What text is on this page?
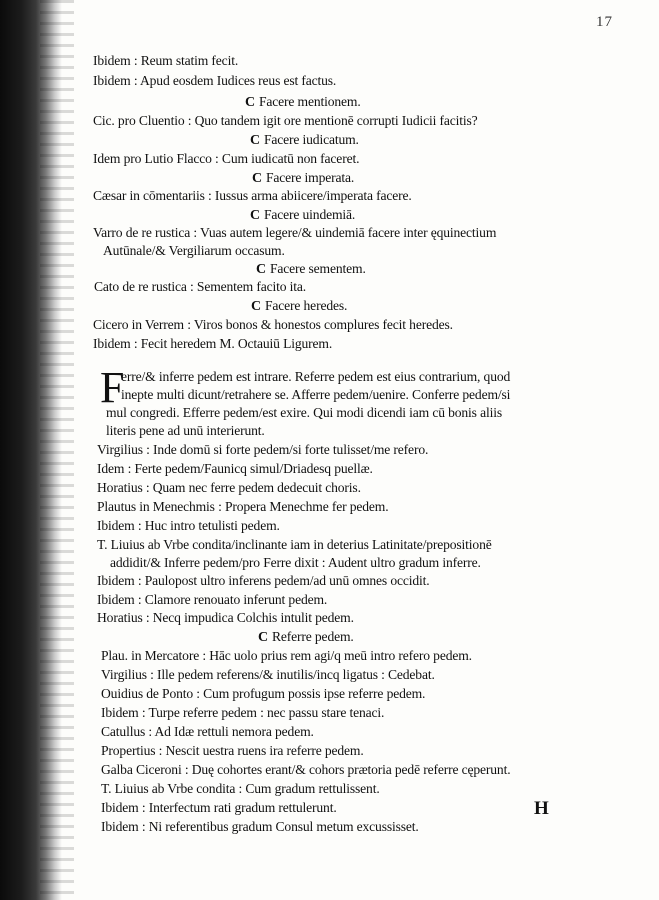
17
Ibidem : Reum statim fecit.
Ibidem : Apud eosdem Iudices reus est factus.
C Facere mentionem.
Cic. pro Cluentio : Quo tandem igit ore mentionē corrupti Iudicii facitis?
C Facere iudicatum.
Idem pro Lutio Flacco : Cum iudicatū non faceret.
C Facere imperata.
Cæsar in cōmentariis : Iussus arma abiicere/imperata facere.
C Facere uindemiā.
Varro de re rustica : Vuas autem legere/& uindemiā facere inter ęquinectium
Autūnale/& Vergiliarum occasum.
C Facere sementem.
Cato de re rustica : Sementem facito ita.
C Facere heredes.
Cicero in Verrem : Viros bonos & honestos complures fecit heredes.
Ibidem : Fecit heredem M. Octauiū Ligurem.
F
erre/& inferre pedem est intrare. Referre pedem est eius contrarium, quod
inepte multi dicunt/retrahere se. Afferre pedem/uenire. Conferre pedem/si
mul congredi. Efferre pedem/est exire. Qui modi dicendi iam cū bonis aliis
literis pene ad unū interierunt.
Virgilius : Inde domū si forte pedem/si forte tulisset/me refero.
Idem : Ferte pedem/Faunicq simul/Driadesq puellæ.
Horatius : Quam nec ferre pedem dedecuit choris.
Plautus in Menechmis : Propera Menechme fer pedem.
Ibidem : Huc intro tetulisti pedem.
T. Liuius ab Vrbe condita/inclinante iam in deterius Latinitate/prepositionē
addidit/& Inferre pedem/pro Ferre dixit : Audent ultro gradum inferre.
Ibidem : Paulopost ultro inferens pedem/ad unū omnes occidit.
Ibidem : Clamore renouato inferunt pedem.
Horatius : Necq impudica Colchis intulit pedem.
C Referre pedem.
Plau. in Mercatore : Hāc uolo prius rem agi/q meū intro refero pedem.
Virgilius : Ille pedem referens/& inutilis/incq ligatus : Cedebat.
Ouidius de Ponto : Cum profugum possis ipse referre pedem.
Ibidem : Turpe referre pedem : nec passu stare tenaci.
Catullus : Ad Idæ rettuli nemora pedem.
Propertius : Nescit uestra ruens ira referre pedem.
Galba Ciceroni : Duę cohortes erant/& cohors prætoria pedē referre cęperunt.
T. Liuius ab Vrbe condita : Cum gradum rettulissent.
Ibidem : Interfectum rati gradum rettulerunt.
Ibidem : Ni referentibus gradum Consul metum excussisset.
H
